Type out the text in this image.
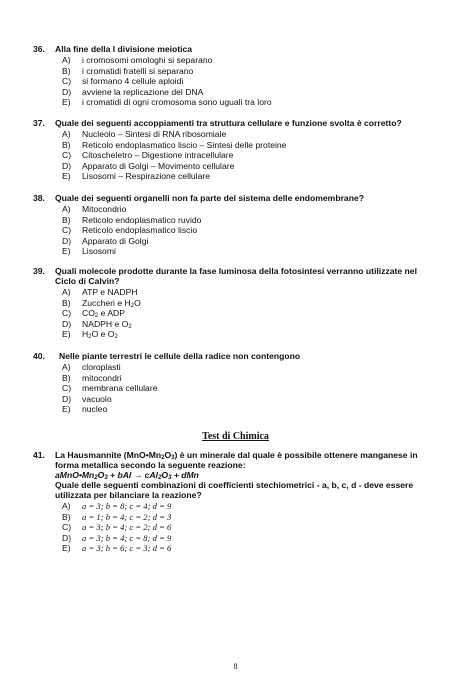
36. Alla fine della I divisione meiotica
A) i cromosomi omologhi si separano
B) i cromatidi fratelli si separano
C) si formano 4 cellule aploidi
D) avviene la replicazione del DNA
E) i cromatidi di ogni cromosoma sono uguali tra loro
37. Quale dei seguenti accoppiamenti tra struttura cellulare e funzione svolta è corretto?
A) Nucleolo – Sintesi di RNA ribosomiale
B) Reticolo endoplasmatico liscio – Sintesi delle proteine
C) Citoscheletro – Digestione intracellulare
D) Apparato di Golgi – Movimento cellulare
E) Lisosomi – Respirazione cellulare
38. Quale dei seguenti organelli non fa parte del sistema delle endomembrane?
A) Mitocondrio
B) Reticolo endoplasmatico ruvido
C) Reticolo endoplasmatico liscio
D) Apparato di Golgi
E) Lisosomi
39. Quali molecole prodotte durante la fase luminosa della fotosintesi verranno utilizzate nel
Ciclo di Calvin?
A) ATP e NADPH
B) Zuccheri e $H_2O$
C) $CO_2$ e ADP
D) NADPH e $O_2$
E) $H_2O$ e $O_2$
40. Nelle piante terrestri le cellule della radice non contengono
A) cloroplasti
B) mitocondri
C) membrana cellulare
D) vacuolo
E) nucleo
Test di Chimica
41. La Hausmannite $(MnO•Mn_2O_3)$ è un minerale dal quale è possibile ottenere manganese in
forma metallica secondo la seguente reazione:
$aMnO•Mn_2O_3$ + bAl → $cAl_2O_3$ + dMn
Quale delle seguenti combinazioni di coefficienti stechiometrici - a, b, c, d - deve essere
utilizzata per bilanciare la reazione?
A) a = 3; b = 8; c = 4; d = 9
B) a = 1; b = 4; c = 2; d = 3
C) a = 3; b = 4; c = 2; d = 6
D) a = 3; b = 4; c = 8; d = 9
E) a = 3; b = 6; c = 3; d = 6
8
